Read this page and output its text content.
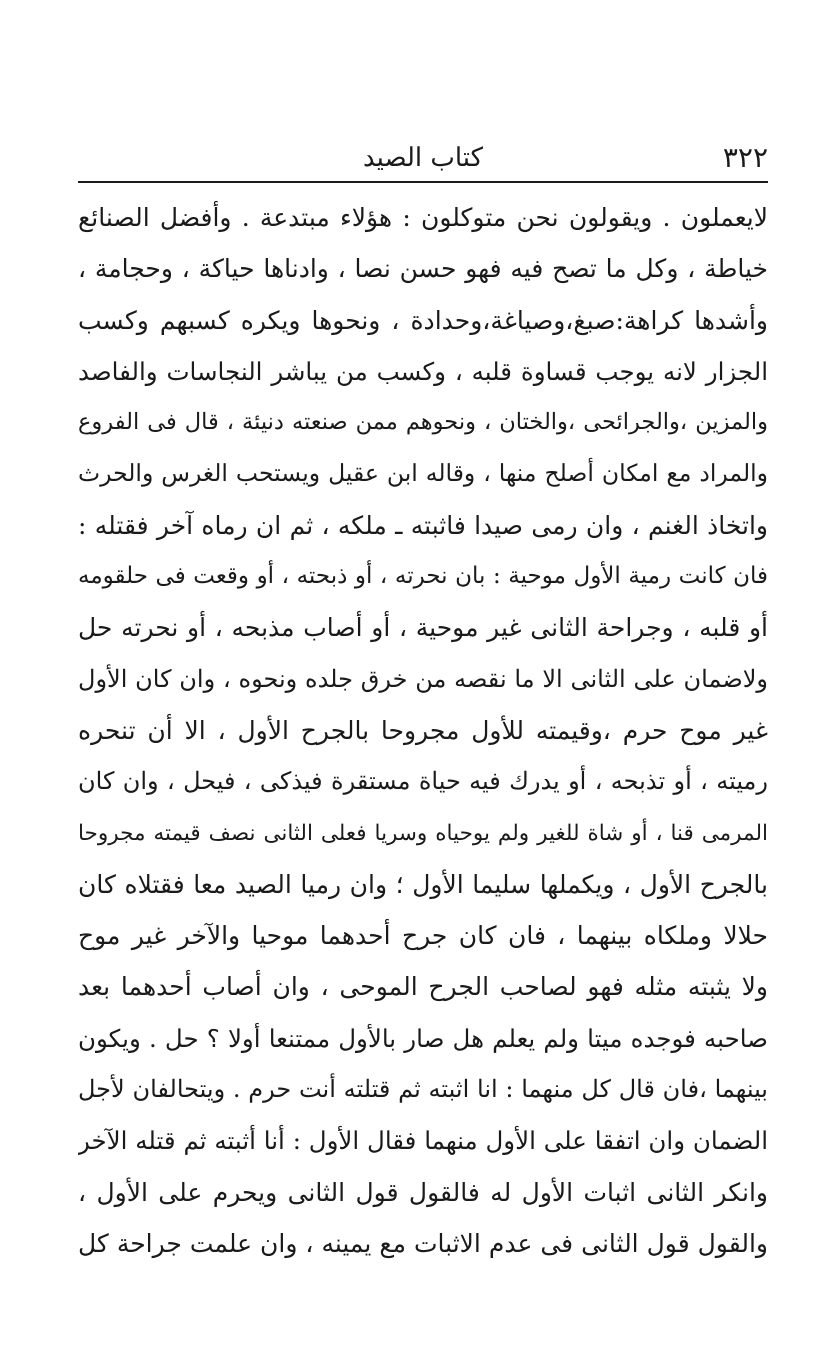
٣٢٢
كتاب الصيد
لايعملون . ويقولون نحن متوكلون : هؤلاء مبتدعة . وأفضل الصنائع
خياطة ، وكل ما تصح فيه فهو حسن نصا ، وادناها حياكة ، وحجامة ،
وأشدها كراهة:صبغ،وصياغة،وحدادة ، ونحوها ويكره كسبهم وكسب
الجزار لانه يوجب قساوة قلبه ، وكسب من يباشر النجاسات والفاصد
والمزين ،والجرائحى ،والختان ، ونحوهم ممن صنعته دنيئة ، قال فى الفروع
والمراد مع امكان أصلح منها ، وقاله ابن عقيل ويستحب الغرس والحرث
واتخاذ الغنم ، وان رمى صيدا فاثبته ـ ملكه ، ثم ان رماه آخر فقتله :
فان كانت رمية الأول موحية : بان نحرته ، أو ذبحته ، أو وقعت فى حلقومه
أو قلبه ، وجراحة الثانى غير موحية ، أو أصاب مذبحه ، أو نحرته حل
ولاضمان على الثانى الا ما نقصه من خرق جلده ونحوه ، وان كان الأول
غير موح حرم ،وقيمته للأول مجروحا بالجرح الأول ، الا أن تنحره
رميته ، أو تذبحه ، أو يدرك فيه حياة مستقرة فيذكى ، فيحل ، وان كان
المرمى قنا ، أو شاة للغير ولم يوحياه وسريا فعلى الثانى نصف قيمته مجروحا
بالجرح الأول ، ويكملها سليما الأول ؛ وان رميا الصيد معا فقتلاه كان
حلالا وملكاه بينهما ، فان كان جرح أحدهما موحيا والآخر غير موح
ولا يثبته مثله فهو لصاحب الجرح الموحى ، وان أصاب أحدهما بعد
صاحبه فوجده ميتا ولم يعلم هل صار بالأول ممتنعا أولا ؟ حل . ويكون
بينهما ،فان قال كل منهما : انا اثبته ثم قتلته أنت حرم . ويتحالفان لأجل
الضمان وان اتفقا على الأول منهما فقال الأول : أنا أثبته ثم قتله الآخر
وانكر الثانى اثبات الأول له فالقول قول الثانى ويحرم على الأول ،
والقول قول الثانى فى عدم الاثبات مع يمينه ، وان علمت جراحة كل
